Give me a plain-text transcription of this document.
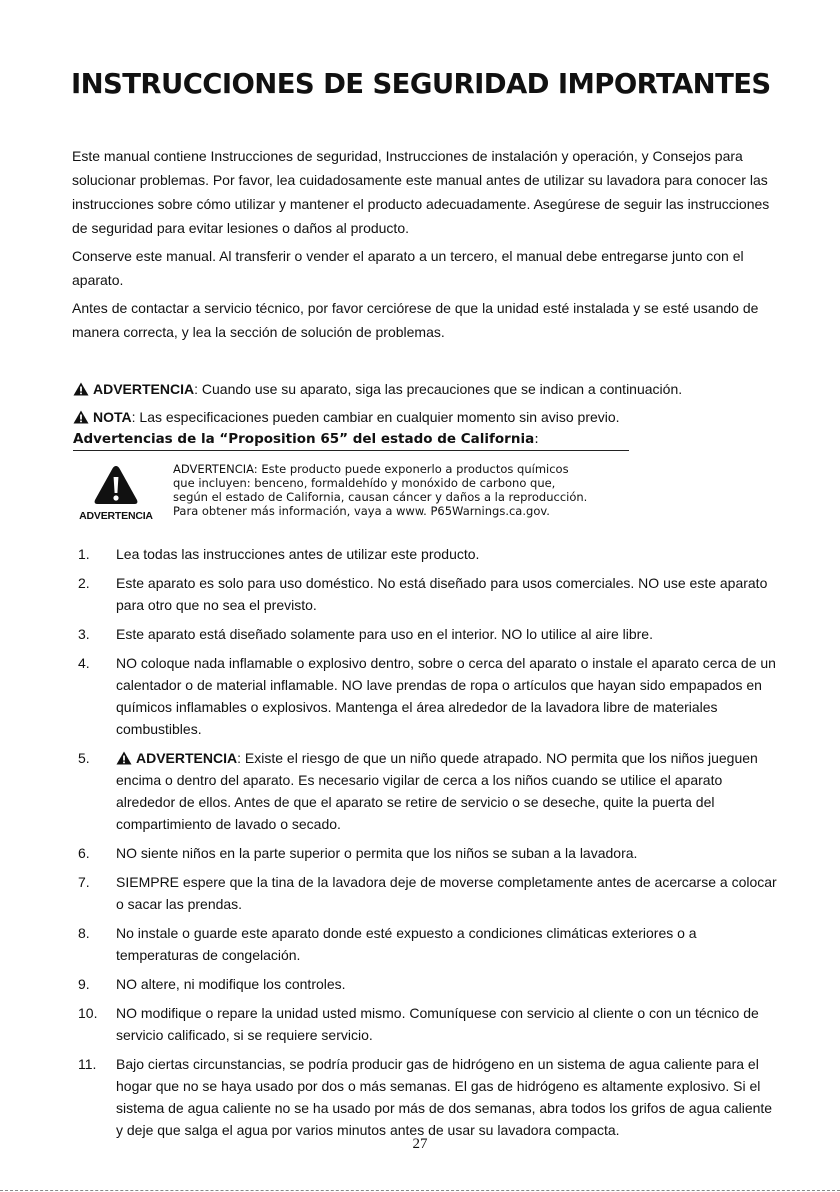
INSTRUCCIONES DE SEGURIDAD IMPORTANTES

Este manual contiene Instrucciones de seguridad, Instrucciones de instalación y operación, y Consejos para solucionar problemas. Por favor, lea cuidadosamente este manual antes de utilizar su lavadora para conocer las instrucciones sobre cómo utilizar y mantener el producto adecuadamente. Asegúrese de seguir las instrucciones de seguridad para evitar lesiones o daños al producto.

Conserve este manual. Al transferir o vender el aparato a un tercero, el manual debe entregarse junto con el aparato.

Antes de contactar a servicio técnico, por favor cerciórese de que la unidad esté instalada y se esté usando de manera correcta, y lea la sección de solución de problemas.

ADVERTENCIA: Cuando use su aparato, siga las precauciones que se indican a continuación.
NOTA: Las especificaciones pueden cambiar en cualquier momento sin aviso previo.
Advertencias de la “Proposition 65” del estado de California:
ADVERTENCIA
ADVERTENCIA: Este producto puede exponerlo a productos químicos que incluyen: benceno, formaldehído y monóxido de carbono que, según el estado de California, causan cáncer y daños a la reproducción. Para obtener más información, vaya a www. P65Warnings.ca.gov.
1. Lea todas las instrucciones antes de utilizar este producto.
2. Este aparato es solo para uso doméstico. No está diseñado para usos comerciales. NO use este aparato para otro que no sea el previsto.
3. Este aparato está diseñado solamente para uso en el interior. NO lo utilice al aire libre.
4. NO coloque nada inflamable o explosivo dentro, sobre o cerca del aparato o instale el aparato cerca de un calentador o de material inflamable. NO lave prendas de ropa o artículos que hayan sido empapados en químicos inflamables o explosivos. Mantenga el área alrededor de la lavadora libre de materiales combustibles.
5.	ADVERTENCIA: Existe el riesgo de que un niño quede atrapado. NO permita que los niños jueguen encima o dentro del aparato. Es necesario vigilar de cerca a los niños cuando se utilice el aparato alrededor de ellos. Antes de que el aparato se retire de servicio o se deseche, quite la puerta del compartimiento de lavado o secado.
6. NO siente niños en la parte superior o permita que los niños se suban a la lavadora.
7. SIEMPRE espere que la tina de la lavadora deje de moverse completamente antes de acercarse a colocar o sacar las prendas.
8. No instale o guarde este aparato donde esté expuesto a condiciones climáticas exteriores o a temperaturas de congelación.
9. NO altere, ni modifique los controles.
10. NO modifique o repare la unidad usted mismo. Comuníquese con servicio al cliente o con un técnico de servicio calificado, si se requiere servicio.
11. Bajo ciertas circunstancias, se podría producir gas de hidrógeno en un sistema de agua caliente para el hogar que no se haya usado por dos o más semanas. El gas de hidrógeno es altamente explosivo. Si el sistema de agua caliente no se ha usado por más de dos semanas, abra todos los grifos de agua caliente y deje que salga el agua por varios minutos antes de usar su lavadora compacta.
27
